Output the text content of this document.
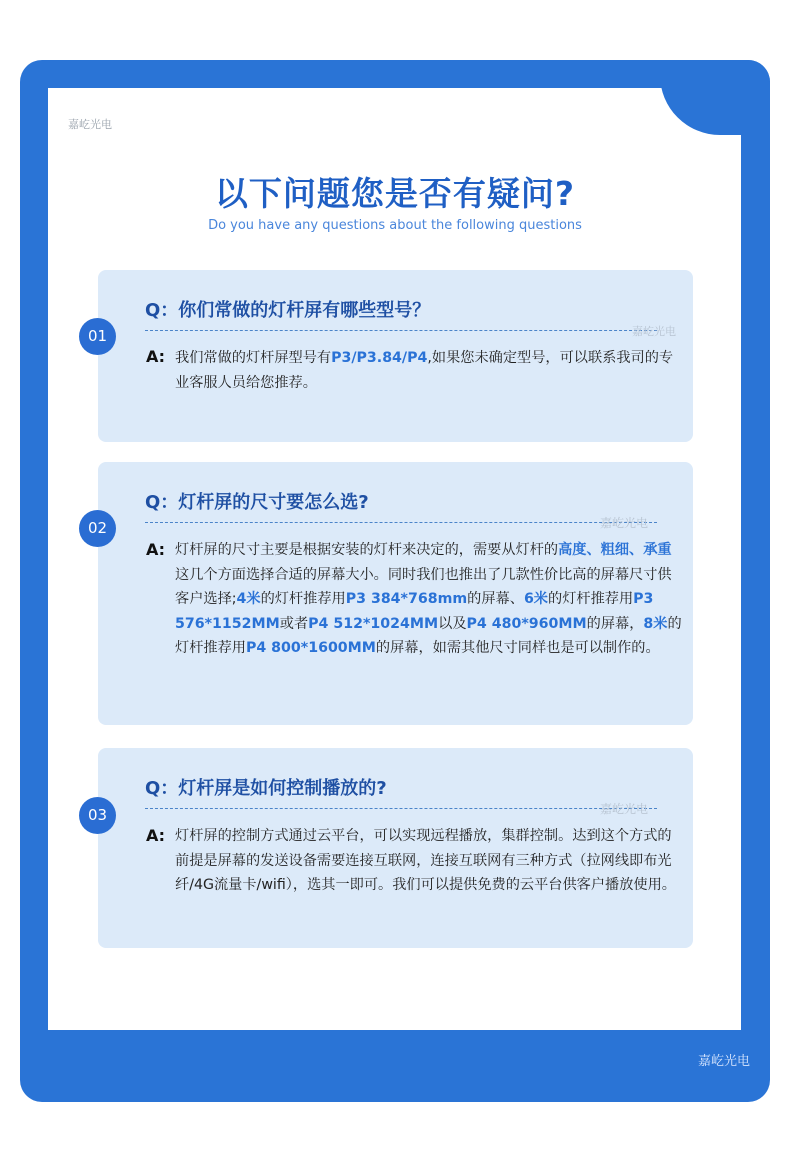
嘉屹光电
嘉屹光电
以下问题您是否有疑问?
Do you have any questions about the following questions
01
Q：你们常做的灯杆屏有哪些型号？
嘉屹光电
A: 我们常做的灯杆屏型号有P3/P3.84/P4,如果您未确定型号，可以联系我司的专业客服人员给您推荐。
02
Q：灯杆屏的尺寸要怎么选?
嘉屹光电
A: 灯杆屏的尺寸主要是根据安装的灯杆来决定的，需要从灯杆的高度、粗细、承重这几个方面选择合适的屏幕大小。同时我们也推出了几款性价比高的屏幕尺寸供客户选择;4米的灯杆推荐用P3 384*768mm的屏幕、6米的灯杆推荐用P3 576*1152MM或者P4 512*1024MM以及P4 480*960MM的屏幕，8米的灯杆推荐用P4 800*1600MM的屏幕，如需其他尺寸同样也是可以制作的。
03
Q：灯杆屏是如何控制播放的?
嘉屹光电
A: 灯杆屏的控制方式通过云平台，可以实现远程播放，集群控制。达到这个方式的前提是屏幕的发送设备需要连接互联网，连接互联网有三种方式（拉网线即布光纤/4G流量卡/wifi），选其一即可。我们可以提供免费的云平台供客户播放使用。
